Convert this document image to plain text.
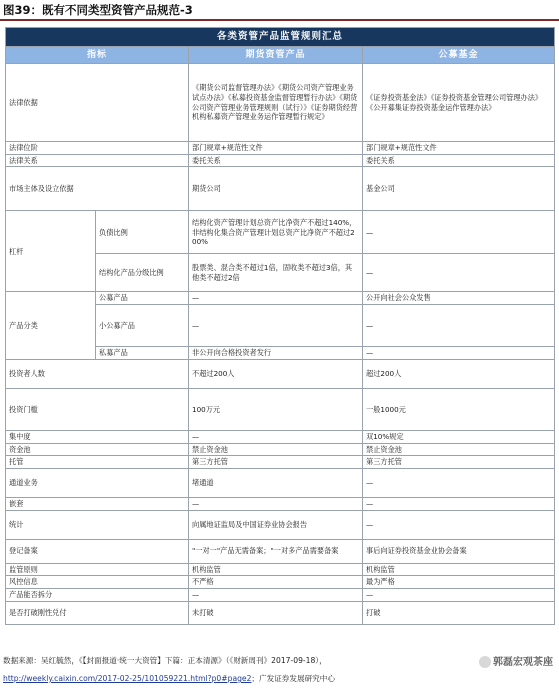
图39：既有不同类型资管产品规范-3
各类资管产品监管规则汇总			
指标		期货资管产品	公募基金
法律依据		《期货公司监督管理办法》《期货公司资产管理业务试点办法》《私募投资基金监督管理暂行办法》《期货公司资产管理业务管理规则（试行）》《证券期货经营机构私募资产管理业务运作管理暂行规定》	《证券投资基金法》《证券投资基金管理公司管理办法》《公开募集证券投资基金运作管理办法》
法律位阶		部门规章+规范性文件	部门规章+规范性文件
法律关系		委托关系	委托关系
市场主体及设立依据		期货公司	基金公司
杠杆	负债比例	结构化资产管理计划总资产比净资产不超过140%，非结构化集合资产管理计划总资产比净资产不超过200%	—
	结构化产品分级比例	股票类、混合类不超过1倍，固收类不超过3倍，其他类不超过2倍	—
产品分类	公募产品	—	公开向社会公众发售
	小公募产品	—	—
	私募产品	非公开向合格投资者发行	—
投资者人数		不超过200人	超过200人
投资门槛		100万元	一般1000元
集中度		—	双10%规定
资金池		禁止资金池	禁止资金池
托管		第三方托管	第三方托管
通道业务		堵通道	—
嵌套		—	—
统计		向属地证监局及中国证券业协会报告	—
登记备案		"一对一"产品无需备案；"一对多产品需要备案	事后向证券投资基金业协会备案
监管原则		机构监管	机构监管
风控信息		不严格	最为严格
产品能否拆分		—	—
是否打破刚性兑付		未打破	打破
数据来源：吴红毓然，《【封面报道·统一大资管】下篇：正本清源》（《财新周刊》2017-09-18），
http://weekly.caixin.com/2017-02-25/101059221.html?p0#page2；广发证券发展研究中心
郭磊宏观茶座
